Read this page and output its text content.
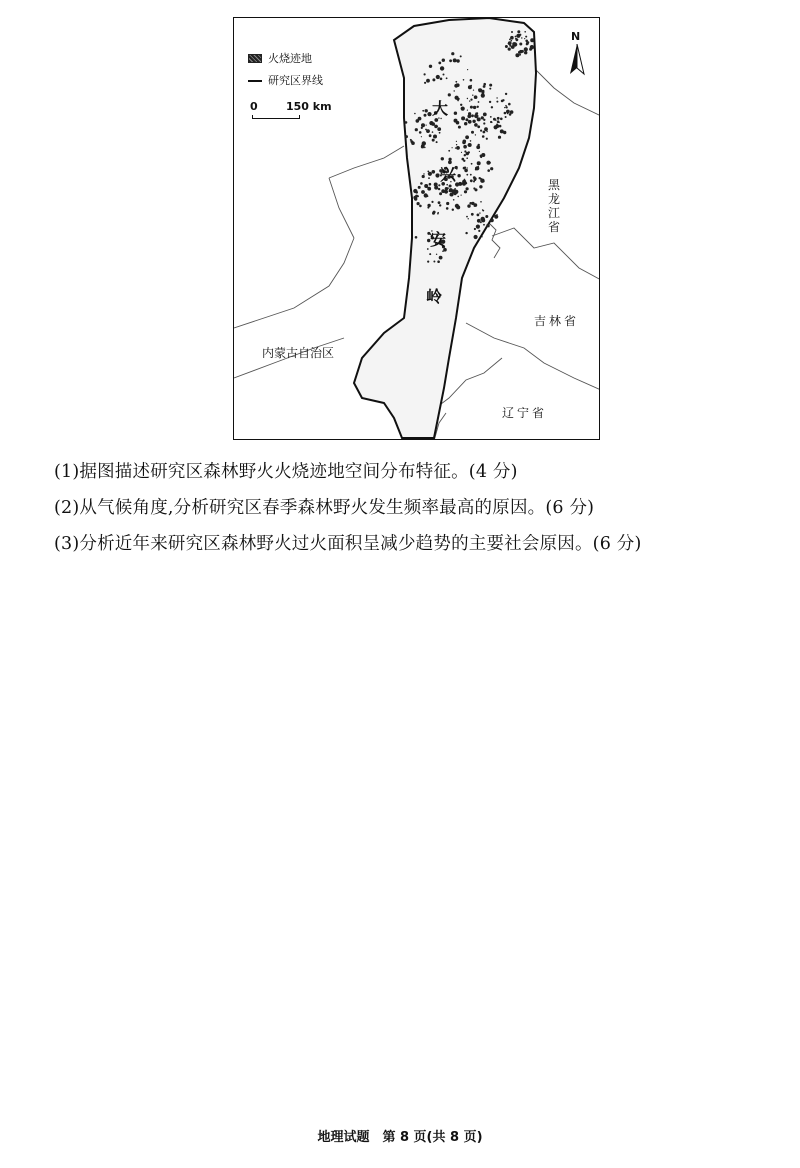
火烧迹地
研究区界线
0	150 km
N
大
兴
安
岭
黑龙江省
吉林省
辽宁省
内蒙古自治区
(1)据图描述研究区森林野火火烧迹地空间分布特征。(4 分)
(2)从气候角度,分析研究区春季森林野火发生频率最高的原因。(6 分)
(3)分析近年来研究区森林野火过火面积呈减少趋势的主要社会原因。(6 分)
地理试题　第 8 页(共 8 页)
